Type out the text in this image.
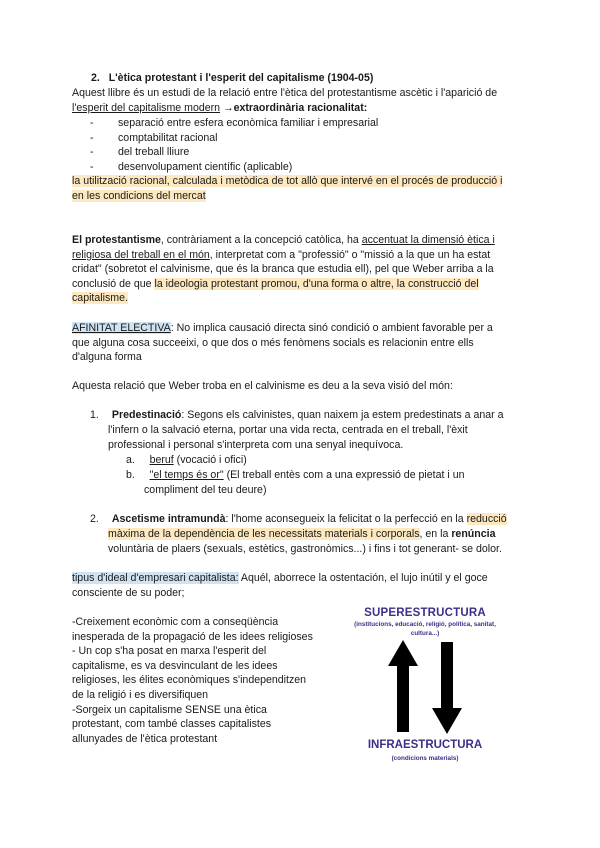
2. L'ètica protestant i l'esperit del capitalisme (1904-05)
Aquest llibre és un estudi de la relació entre l'ètica del protestantisme ascètic i l'aparició de
l'esperit del capitalisme modern →extraordinària racionalitat:
- separació entre esfera econòmica familiar i empresarial
- comptabilitat racional
- del treball lliure
- desenvolupament científic (aplicable)
la utilització racional, calculada i metòdica de tot allò que intervé en el procés de producció i
en les condicions del mercat
El protestantisme, contràriament a la concepció catòlica, ha accentuat la dimensió ètica i
religiosa del treball en el món, interpretat com a "professió" o "missió a la que un ha estat
cridat" (sobretot el calvinisme, que és la branca que estudia ell), pel que Weber arriba a la
conclusió de que la ideologia protestant promou, d'una forma o altre, la construcció del
capitalisme.
AFINITAT ELECTIVA: No implica causació directa sinó condició o ambient favorable per a
que alguna cosa succeeixi, o que dos o més fenòmens socials es relacionin entre ells
d'alguna forma
Aquesta relació que Weber troba en el calvinisme es deu a la seva visió del món:
1. Predestinació: Segons els calvinistes, quan naixem ja estem predestinats a anar a
l'infern o la salvació eterna, portar una vida recta, centrada en el treball, l'èxit
professional i personal s'interpreta com una senyal inequívoca.
a. beruf (vocació i ofici)
b. "el temps és or" (El treball entès com a una expressió de pietat i un
compliment del teu deure)
2. Ascetisme intramundà: l'home aconsegueix la felicitat o la perfecció en la reducció
màxima de la dependència de les necessitats materials i corporals, en la renúncia
voluntària de plaers (sexuals, estètics, gastronòmics...) i fins i tot generant- se dolor.
tipus d'ideal d'empresari capitalista: Aquél, aborrece la ostentación, el lujo inútil y el goce
consciente de su poder;
-Creixement econòmic com a conseqüència
inesperada de la propagació de les idees religioses
- Un cop s'ha posat en marxa l'esperit del
capitalisme, es va desvinculant de les idees
religioses, les élites econòmiques s'independitzen
de la religió i es diversifiquen
-Sorgeix un capitalisme SENSE una ètica
protestant, com també classes capitalistes
allunyades de l'ètica protestant
SUPERESTRUCTURA
(institucions, educació, religió, política, sanitat,
cultura...)
INFRAESTRUCTURA
(condicions materials)
